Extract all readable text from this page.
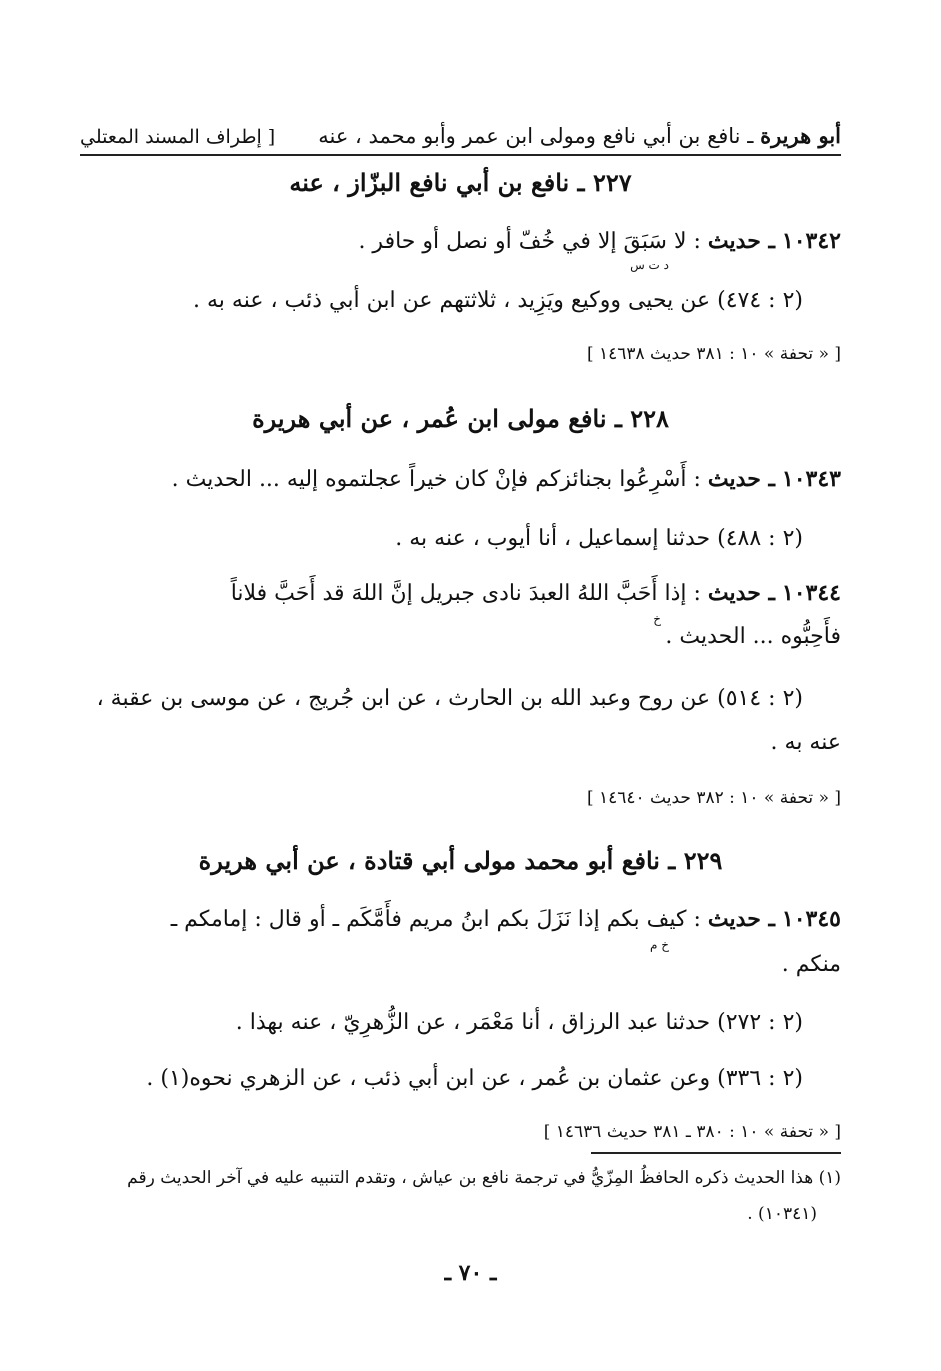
أبو هريرة ـ نافع بن أبي نافع ومولى ابن عمر وأبو محمد ، عنه
[ إطراف المسند المعتلي
٢٢٧ ـ نافع بن أبي نافع البزّاز ، عنه
١٠٣٤٢ ـ حديث : لا سَبَقَ إلا في خُفّ أو نصل أو حافر .
د ت س
(٢ : ٤٧٤) عن يحيى ووكيع ويَزِيد ، ثلاثتهم عن ابن أبي ذئب ، عنه به .
[ « تحفة » ١٠ : ٣٨١ حديث ١٤٦٣٨ ]
٢٢٨ ـ نافع مولى ابن عُمر ، عن أبي هريرة
١٠٣٤٣ ـ حديث : أَسْرِعُوا بجنائزكم فإنْ كان خيراً عجلتموه إليه ... الحديث .
(٢ : ٤٨٨) حدثنا إسماعيل ، أنا أيوب ، عنه به .
١٠٣٤٤ ـ حديث : إذا أَحَبَّ اللهُ العبدَ نادى جبريل إنَّ اللهَ قد أَحَبَّ فلاناً
خ
فأَحِبُّوه ... الحديث .
(٢ : ٥١٤) عن روح وعبد الله بن الحارث ، عن ابن جُريج ، عن موسى بن عقبة ،
عنه به .
[ « تحفة » ١٠ : ٣٨٢ حديث ١٤٦٤٠ ]
٢٢٩ ـ نافع أبو محمد مولى أبي قتادة ، عن أبي هريرة
١٠٣٤٥ ـ حديث : كيف بكم إذا نَزَلَ بكم ابنُ مريم فأَمَّكَم ـ أو قال : إمامكم ـ
خ م
منكم .
(٢ : ٢٧٢) حدثنا عبد الرزاق ، أنا مَعْمَر ، عن الزُّهرِيّ ، عنه بهذا .
(٢ : ٣٣٦) وعن عثمان بن عُمر ، عن ابن أبي ذئب ، عن الزهري نحوه(١) .
[ « تحفة » ١٠ : ٣٨٠ ـ ٣٨١ حديث ١٤٦٣٦ ]
(١) هذا الحديث ذكره الحافظُ المِزّيُّ في ترجمة نافع بن عياش ، وتقدم التنبيه عليه في آخر الحديث رقم
(١٠٣٤١) .
ـ ٧٠ ـ
